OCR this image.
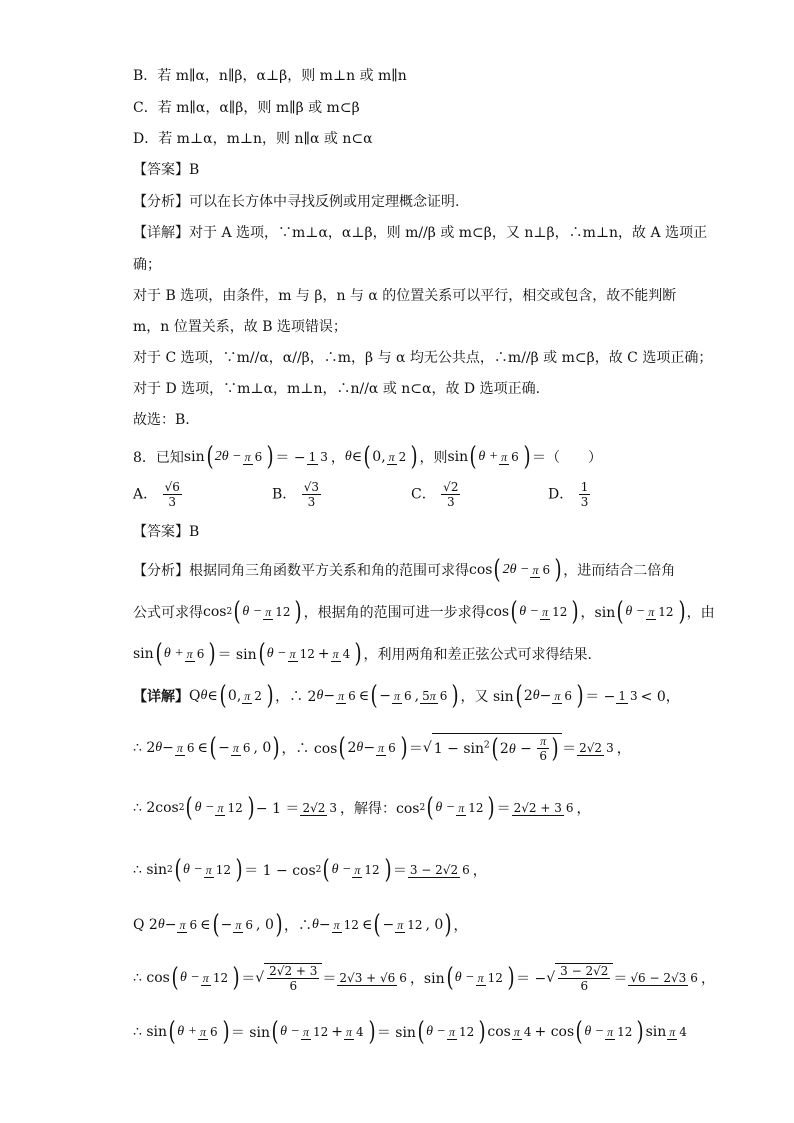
B．若 m∥α，n∥β，α⊥β，则 m⊥n 或 m∥n
C．若 m∥α，α∥β，则 m∥β 或 m⊂β
D．若 m⊥α，m⊥n，则 n∥α 或 n⊂α
【答案】B
【分析】可以在长方体中寻找反例或用定理概念证明.
【详解】对于 A 选项，∵m⊥α，α⊥β，则 m//β 或 m⊂β，又 n⊥β，∴m⊥n，故 A 选项正
确；
对于 B 选项，由条件，m 与 β，n 与 α 的位置关系可以平行，相交或包含，故不能判断
m，n 位置关系，故 B 选项错误；
对于 C 选项，∵m//α，α//β，∴m，β 与 α 均无公共点，∴m//β 或 m⊂β，故 C 选项正确；
对于 D 选项，∵m⊥α，m⊥n，∴n//α 或 n⊂α，故 D 选项正确.
故选：B.
8．已知 sin ( 2θ − π 6 ) ＝ − 1 3 ， θ ∈ ( 0, π 2 ) ，则 sin ( θ + π 6 ) ＝（　　）
A． $\frac{√6}{3}$	B． $\frac{√3}{3}$	C． $\frac{√2}{3}$	D． $\frac{1}{3}$
【答案】B
【分析】根据同角三角函数平方关系和角的范围可求得 cos ( 2θ − π 6 ) ，进而结合二倍角
公式可求得 cos 2 ( θ − π 12 ) ，根据角的范围可进一步求得 cos ( θ − π 12 ) ，sin ( θ − π 12 ) ，由
sin ( θ + π 6 ) ＝ sin ( θ − π 12 + π 4 ) ，利用两角和差正弦公式可求得结果.
【详解】 Q θ ∈ ( 0, π 2 ) ，∴ 2 θ − π 6 ∈ ( − π 6 , 5π 6 ) ，又 sin ( 2 θ − π 6 ) ＝ − 1 3 < 0，
∴ 2 θ − π 6 ∈ ( − π 6 , 0 ) ，∴ cos ( 2 θ − π 6 ) ＝ √ $1 - \sin^2$( $2\theta - \frac{\pi}{6}$ ) ＝ 2√2 3 ，
∴ 2cos 2 ( θ − π 12 ) − 1 ＝ 2√2 3 ，解得：cos 2 ( θ − π 12 ) ＝ 2√2 + 3 6 ，
∴ sin 2 ( θ − π 12 ) ＝ 1 − cos 2 ( θ − π 12 ) ＝ 3 − 2√2 6 ，
Q 2 θ − π 6 ∈ ( − π 6 , 0 ) ，∴ θ − π 12 ∈ ( − π 12 , 0 ) ，
∴ cos ( θ − π 12 ) ＝ √ $\frac{2√2 + 3}{6} = 2√3 + √6$ 6 ，sin ( θ − π 12 ) ＝ − √ $\frac{3 - 2√2}{6} = √6 - 2√3$ 6 ，
∴ sin ( θ + π 6 ) ＝ sin ( θ − π 12 + π 4 ) ＝ sin ( θ − π 12 ) cos π 4 + cos ( θ − π 12 ) sin π 4
